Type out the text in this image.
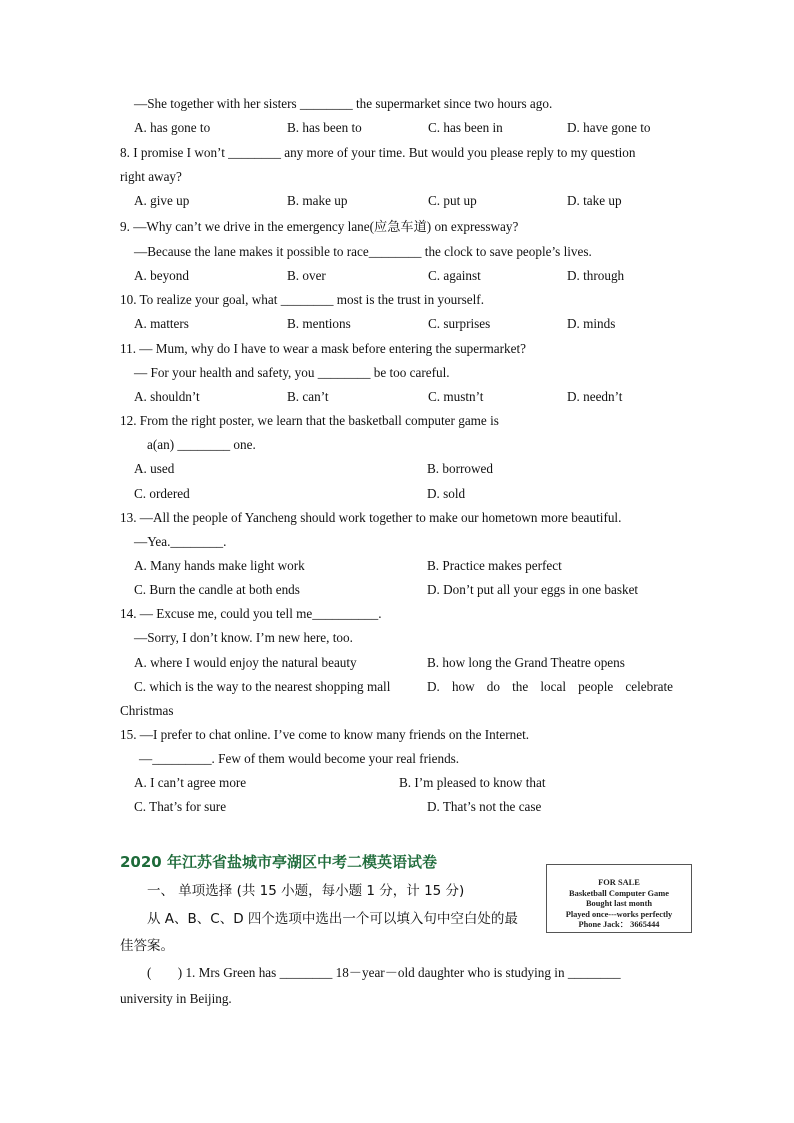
—She together with her sisters ________ the supermarket since two hours ago.
A. has gone to	B. has been to	C. has been in	D. have gone to
8. I promise I won’t ________ any more of your time. But would you please reply to my question
right away?
A. give up	B. make up	C. put up	D. take up
9. —Why can’t we drive in the emergency lane(应急车道) on expressway?
—Because the lane makes it possible to race________ the clock to save people’s lives.
A. beyond	B. over	C. against	D. through
10. To realize your goal, what ________ most is the trust in yourself.
A. matters	B. mentions	C. surprises	D. minds
11. — Mum, why do I have to wear a mask before entering the supermarket?
— For your health and safety, you ________ be too careful.
A. shouldn’t	B. can’t	C. mustn’t	D. needn’t
12. From the right poster, we learn that the basketball computer game is
a(an) ________ one.
A. used	B. borrowed
C. ordered	D. sold
13. —All the people of Yancheng should work together to make our hometown more beautiful.
—Yea.________.
A. Many hands make light work	B. Practice makes perfect
C. Burn the candle at both ends	D. Don’t put all your eggs in one basket
14. — Excuse me, could you tell me__________.
—Sorry, I don’t know. I’m new here, too.
A. where I would enjoy the natural beauty	B. how long the Grand Theatre opens
C. which is the way to the nearest shopping mall	D. how do the local people celebrate
Christmas
15. —I prefer to chat online. I’ve come to know many friends on the Internet.
—_________. Few of them would become your real friends.
A. I can’t agree more	B. I’m pleased to know that
C. That’s for sure	D. That’s not the case
2020 年江苏省盐城市亭湖区中考二模英语试卷
一、 单项选择 (共 15 小题，每小题 1 分，计 15 分)
从 A、B、C、D 四个选项中选出一个可以填入句中空白处的最
佳答案。
(　　) 1. Mrs Green has ________ 18－year－old daughter who is studying in ________
university in Beijing.
FOR SALE
Basketball Computer Game
Bought last month
Played once---works perfectly
Phone Jack： 3665444
